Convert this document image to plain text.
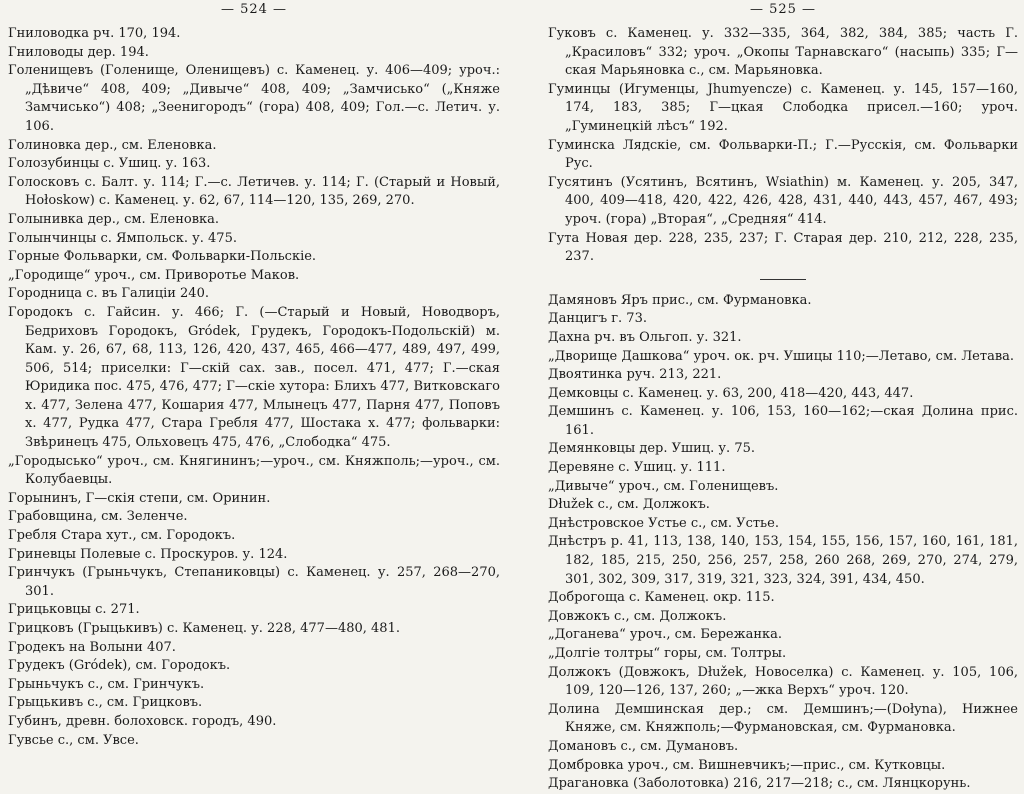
— 524 —
Гниловодка рч. 170, 194.
Гниловоды дер. 194.
Голенищевъ (Голенище, Оленищевъ) с. Каменец. у. 406—409; уроч.: „Дѣвиче“ 408, 409; „Дивыче“ 408, 409; „Замчисько“ („Княже Замчисько“) 408; „Зеенигородъ“ (гора) 408, 409; Гол.—с. Летич. у. 106.
Голиновка дер., см. Еленовка.
Голозубинцы с. Ушиц. у. 163.
Голосковъ с. Балт. у. 114; Г.—с. Летичев. у. 114; Г. (Старый и Новый, Hołoskow) с. Каменец. у. 62, 67, 114—120, 135, 269, 270.
Голынивка дер., см. Еленовка.
Голынчинцы с. Ямпольск. у. 475.
Горные Фольварки, см. Фольварки-Польскіе.
„Городище“ уроч., см. Приворотье Маков.
Городница с. въ Галиціи 240.
Городокъ с. Гайсин. у. 466; Г. (—Старый и Новый, Новодворъ, Бедриховъ Городокъ, Gródek, Грудекъ, Городокъ-Подольскій) м. Кам. у. 26, 67, 68, 113, 126, 420, 437, 465, 466—477, 489, 497, 499, 506, 514; приселки: Г—скій сах. зав., посел. 471, 477; Г.—ская Юридика пос. 475, 476, 477; Г—скіе хутора: Блихъ 477, Витковскаго х. 477, Зелена 477, Кошария 477, Млынецъ 477, Парня 477, Поповъ х. 477, Рудка 477, Стара Гребля 477, Шостака х. 477; фольварки: Звѣринецъ 475, Ольховецъ 475, 476, „Слободка“ 475.
„Городысько“ уроч., см. Княгининъ;—уроч., см. Княжполь;—уроч., см. Колубаевцы.
Горынинъ, Г—скія степи, см. Оринин.
Грабовщина, см. Зеленче.
Гребля Стара хут., см. Городокъ.
Гриневцы Полевые с. Проскуров. у. 124.
Гринчукъ (Грыньчукъ, Степаниковцы) с. Каменец. у. 257, 268—270, 301.
Грицьковцы с. 271.
Грицковъ (Грыцькивъ) с. Каменец. у. 228, 477—480, 481.
Гродекъ на Волыни 407.
Грудекъ (Gródek), см. Городокъ.
Грыньчукъ с., см. Гринчукъ.
Грыцькивъ с., см. Грицковъ.
Губинъ, древн. болоховск. городъ, 490.
Гувсье с., см. Увсе.
— 525 —
Гуковъ с. Каменец. у. 332—335, 364, 382, 384, 385; часть Г. „Красиловъ“ 332; уроч. „Окопы Тарнавскаго“ (насыпь) 335; Г—ская Марьяновка с., см. Марьяновка.
Гуминцы (Игуменцы, Jhumyencze) с. Каменец. у. 145, 157—160, 174, 183, 385; Г—цкая Слободка присел.—160; уроч. „Гуминецкій лѣсъ“ 192.
Гуминска Лядскіе, см. Фольварки-П.; Г.—Русскія, см. Фольварки Рус.
Гусятинъ (Усятинъ, Всятинъ, Wsiathin) м. Каменец. у. 205, 347, 400, 409—418, 420, 422, 426, 428, 431, 440, 443, 457, 467, 493; уроч. (гора) „Вторая“, „Средняя“ 414.
Гута Новая дер. 228, 235, 237; Г. Старая дер. 210, 212, 228, 235, 237.
Дамяновъ Яръ прис., см. Фурмановка.
Данцигъ г. 73.
Дахна рч. въ Ольгоп. у. 321.
„Дворище Дашкова“ уроч. ок. рч. Ушицы 110;—Летаво, см. Летава.
Двоятинка руч. 213, 221.
Демковцы с. Каменец. у. 63, 200, 418—420, 443, 447.
Демшинъ с. Каменец. у. 106, 153, 160—162;—ская Долина прис. 161.
Демянковцы дер. Ушиц. у. 75.
Деревяне с. Ушиц. у. 111.
„Дивыче“ уроч., см. Голенищевъ.
Dłužek с., см. Должокъ.
Днѣстровское Устье с., см. Устье.
Днѣстръ р. 41, 113, 138, 140, 153, 154, 155, 156, 157, 160, 161, 181, 182, 185, 215, 250, 256, 257, 258, 260 268, 269, 270, 274, 279, 301, 302, 309, 317, 319, 321, 323, 324, 391, 434, 450.
Доброгоща с. Каменец. окр. 115.
Довжокъ с., см. Должокъ.
„Доганева“ уроч., см. Бережанка.
„Долгіе толтры“ горы, см. Толтры.
Должокъ (Довжокъ, Dłužek, Новоселка) с. Каменец. у. 105, 106, 109, 120—126, 137, 260; „—жка Верхъ“ уроч. 120.
Долина Демшинская дер.; см. Демшинъ;—(Dołyna), Нижнее Княже, см. Княжполь;—Фурмановская, см. Фурмановка.
Домановъ с., см. Думановъ.
Домбровка уроч., см. Вишневчикъ;—прис., см. Кутковцы.
Драгановка (Заболотовка) 216, 217—218; с., см. Лянцкорунь.
